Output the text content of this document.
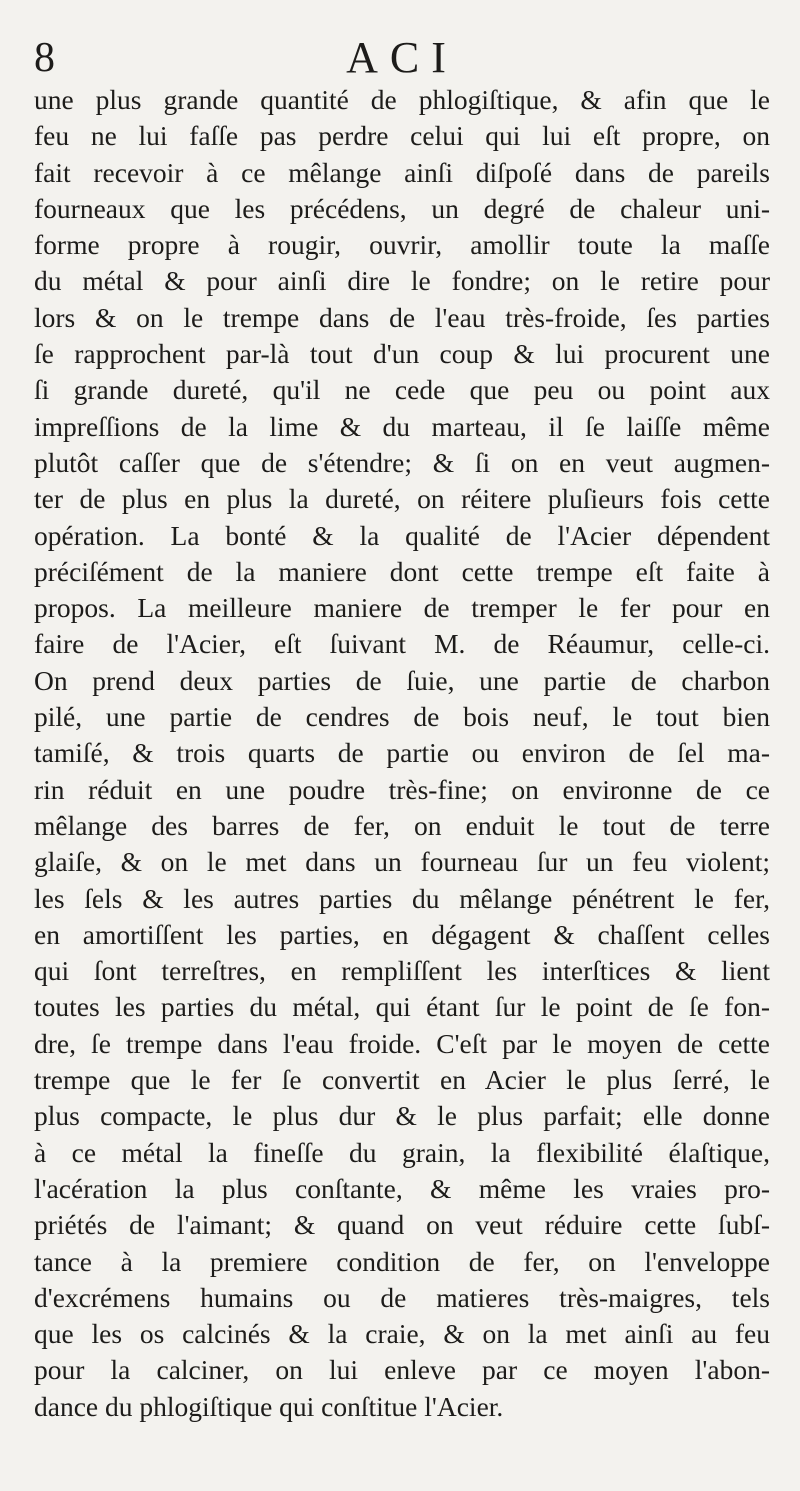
8	ACI
une plus grande quantité de phlogiſtique, & afin que le
feu ne lui faſſe pas perdre celui qui lui eſt propre, on
fait recevoir à ce mêlange ainſi diſpoſé dans de pareils
fourneaux que les précédens, un degré de chaleur uni-
forme propre à rougir, ouvrir, amollir toute la maſſe
du métal & pour ainſi dire le fondre; on le retire pour
lors & on le trempe dans de l'eau très-froide, ſes parties
ſe rapprochent par-là tout d'un coup & lui procurent une
ſi grande dureté, qu'il ne cede que peu ou point aux
impreſſions de la lime & du marteau, il ſe laiſſe même
plutôt caſſer que de s'étendre; & ſi on en veut augmen-
ter de plus en plus la dureté, on réitere pluſieurs fois cette
opération. La bonté & la qualité de l'Acier dépendent
préciſément de la maniere dont cette trempe eſt faite à
propos. La meilleure maniere de tremper le fer pour en
faire de l'Acier, eſt ſuivant M. de Réaumur, celle-ci.
On prend deux parties de ſuie, une partie de charbon
pilé, une partie de cendres de bois neuf, le tout bien
tamiſé, & trois quarts de partie ou environ de ſel ma-
rin réduit en une poudre très-fine; on environne de ce
mêlange des barres de fer, on enduit le tout de terre
glaiſe, & on le met dans un fourneau ſur un feu violent;
les ſels & les autres parties du mêlange pénétrent le fer,
en amortiſſent les parties, en dégagent & chaſſent celles
qui ſont terreſtres, en rempliſſent les interſtices & lient
toutes les parties du métal, qui étant ſur le point de ſe fon-
dre, ſe trempe dans l'eau froide. C'eſt par le moyen de cette
trempe que le fer ſe convertit en Acier le plus ſerré, le
plus compacte, le plus dur & le plus parfait; elle donne
à ce métal la fineſſe du grain, la flexibilité élaſtique,
l'acération la plus conſtante, & même les vraies pro-
priétés de l'aimant; & quand on veut réduire cette ſubſ-
tance à la premiere condition de fer, on l'enveloppe
d'excrémens humains ou de matieres très-maigres, tels
que les os calcinés & la craie, & on la met ainſi au feu
pour la calciner, on lui enleve par ce moyen l'abon-
dance du phlogiſtique qui conſtitue l'Acier.
